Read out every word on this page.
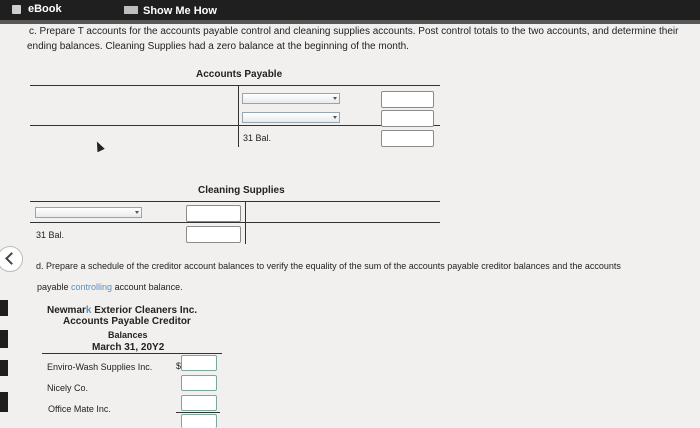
eBook	Show Me How
c. Prepare T accounts for the accounts payable control and cleaning supplies accounts. Post control totals to the two accounts, and determine their
ending balances. Cleaning Supplies had a zero balance at the beginning of the month.
Accounts Payable
31 Bal.
Cleaning Supplies
31 Bal.
d. Prepare a schedule of the creditor account balances to verify the equality of the sum of the accounts payable creditor balances and the accounts
payable controlling account balance.
Newmark Exterior Cleaners Inc.
Accounts Payable Creditor
Balances
March 31, 20Y2
Enviro-Wash Supplies Inc.	$
Nicely Co.
Office Mate Inc.
